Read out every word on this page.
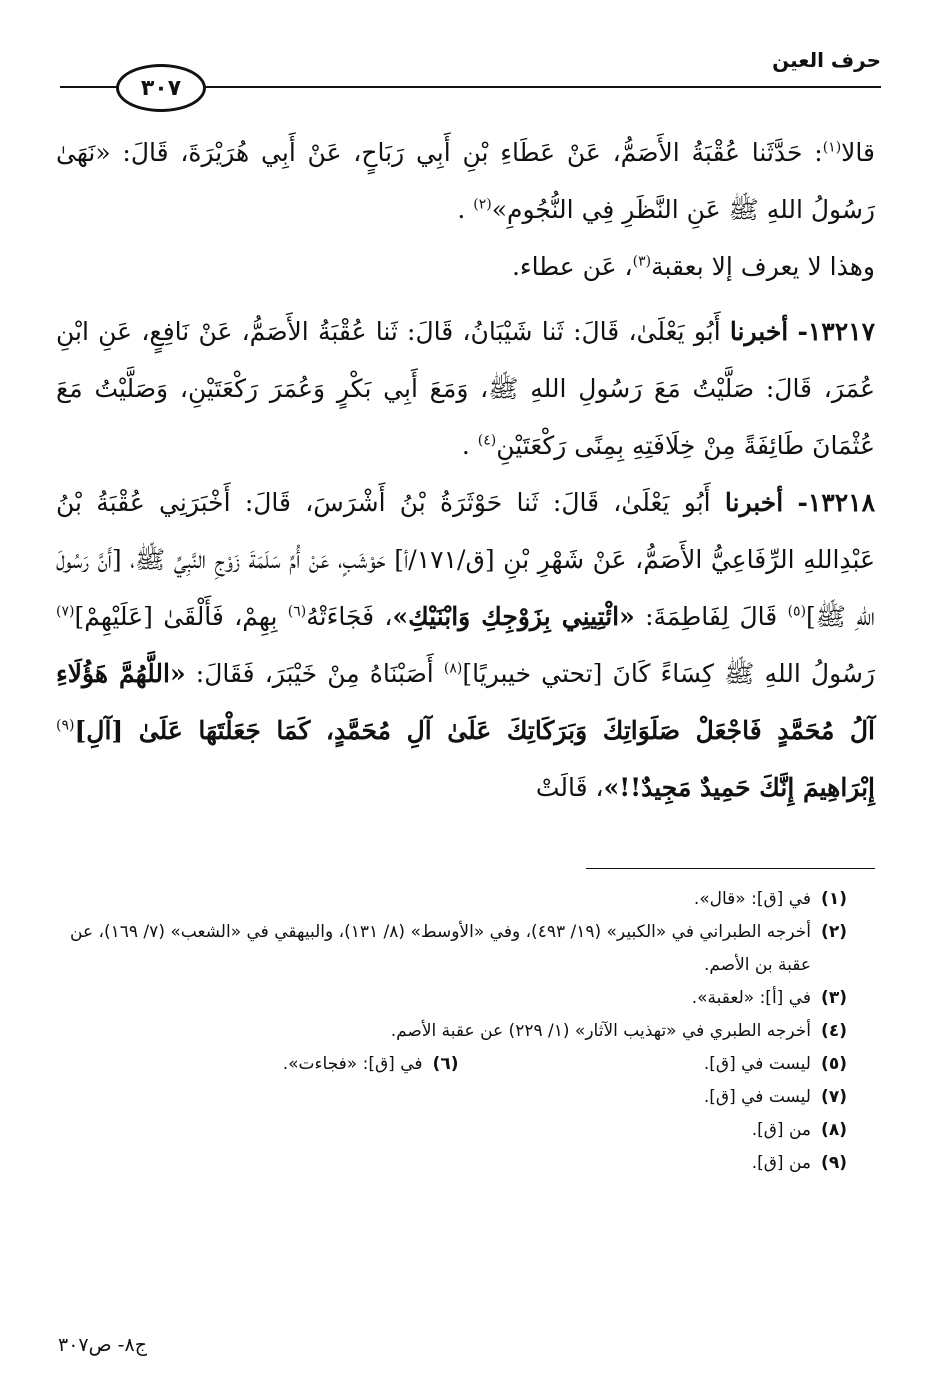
حرف العين
٣٠٧

قالا$^{(١)}$: حَدَّثَنا عُقْبَةُ الأَصَمُّ، عَنْ عَطَاءِ بْنِ أَبِي رَبَاحٍ، عَنْ أَبِي هُرَيْرَةَ، قَالَ: «نَهَىٰ رَسُولُ اللهِ ﷺ عَنِ النَّظَرِ فِي النُّجُومِ»$^{(٢)}$ .

وهذا لا يعرف إلا بعقبة$^{(٣)}$، عَن عطاء.

١٣٢١٧- أخبرنا أَبُو يَعْلَىٰ، قَالَ: ثَنا شَيْبَانُ، قَالَ: ثَنا عُقْبَةُ الأَصَمُّ، عَنْ نَافِعٍ، عَنِ ابْنِ عُمَرَ، قَالَ: صَلَّيْتُ مَعَ رَسُولِ اللهِ ﷺ، وَمَعَ أَبِي بَكْرٍ وَعُمَرَ رَكْعَتَيْنِ، وَصَلَّيْتُ مَعَ عُثْمَانَ طَائِفَةً مِنْ خِلَافَتِهِ بِمِنًى رَكْعَتَيْنِ$^{(٤)}$ .

١٣٢١٨- أخبرنا أَبُو يَعْلَىٰ، قَالَ: ثَنا حَوْثَرَةُ بْنُ أَشْرَسَ، قَالَ: أَخْبَرَنِي عُقْبَةُ بْنُ عَبْدِاللهِ الرِّفَاعِيُّ الأَصَمُّ، عَنْ شَهْرِ بْنِ [ق/١٧١/أ] حَوْشَبٍ، عَنْ أُمِّ سَلَمَةَ زَوْجِ النَّبِيِّ ﷺ، [أَنَّ رَسُولَ اللهِ ﷺ]$^{(٥)}$ قَالَ لِفَاطِمَةَ: «ائْتِينِي بِزَوْجِكِ وَابْنَيْكِ»، فَجَاءَتْهُ$^{(٦)}$ بِهِمْ، فَأَلْقَىٰ [عَلَيْهِمْ]$^{(٧)}$ رَسُولُ اللهِ ﷺ كِسَاءً كَانَ [تحتي خيبريًا]$^{(٨)}$ أَصَبْنَاهُ مِنْ خَيْبَرَ، فَقَالَ: «اللَّهُمَّ هَؤُلَاءِ آلُ مُحَمَّدٍ فَاجْعَلْ صَلَوَاتِكَ وَبَرَكَاتِكَ عَلَىٰ آلِ مُحَمَّدٍ، كَمَا جَعَلْتَهَا عَلَىٰ [آلِ]$^{(٩)}$ إِبْرَاهِيمَ إِنَّكَ حَمِيدٌ مَجِيدٌ!!»، قَالَتْ

(١)
في [ق]: «قال».

(٢)
أخرجه الطبراني في «الكبير» (١٩/ ٤٩٣)، وفي «الأوسط» (٨/ ١٣١)، والبيهقي في «الشعب» (٧/ ١٦٩)، عن عقبة بن الأصم.

(٣)
في [أ]: «لعقبة».

(٤)
أخرجه الطبري في «تهذيب الآثار» (١/ ٢٢٩) عن عقبة الأصم.

(٥)
ليست في [ق].

(٦)
في [ق]: «فجاءت».

(٧)
ليست في [ق].

(٨)
من [ق].

(٩)
من [ق].

ج٨- ص٣٠٧
